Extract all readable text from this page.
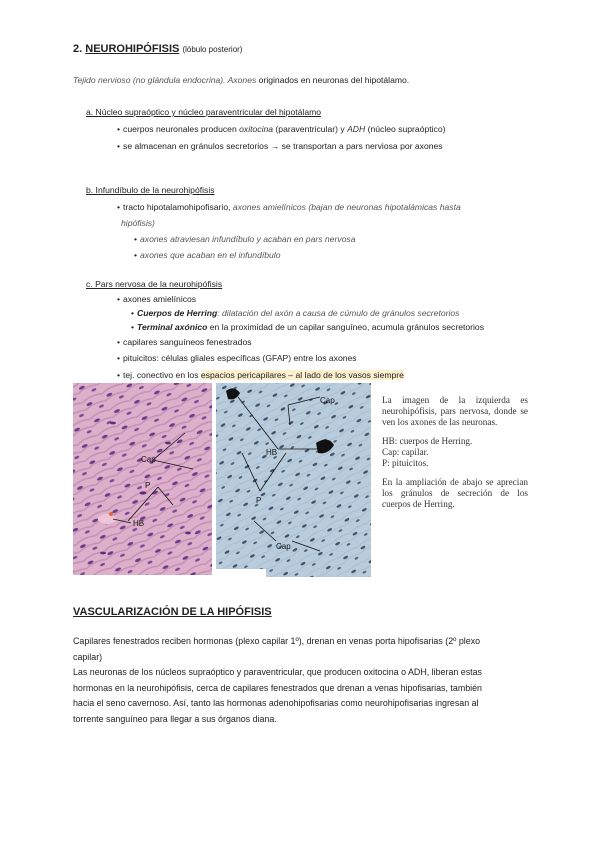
2. NEUROHIPÓFISIS (lóbulo posterior)
Tejido nervioso (no glándula endocrina). Axones originados en neuronas del hipotálamo.
a. Núcleo supraóptico y núcleo paraventricular del hipotálamo
• cuerpos neuronales producen oxitocina (paraventricular) y ADH (núcleo supraóptico)
• se almacenan en gránulos secretorios → se transportan a pars nerviosa por axones
b. Infundíbulo de la neurohipófisis
• tracto hipotalamohipofisario, axones amielínicos (bajan de neuronas hipotalámicas hasta
hipófisis)
• axones atraviesan infundíbulo y acaban en pars nervosa
• axones que acaban en el infundíbulo
c. Pars nervosa de la neurohipófisis
• axones amielínicos
• Cuerpos de Herring: dilatación del axón a causa de cúmulo de gránulos secretorios
• Terminal axónico en la proximidad de un capilar sanguíneo, acumula gránulos secretorios
• capilares sanguíneos fenestrados
• pituicitos: células gliales específicas (GFAP) entre los axones
• tej. conectivo en los espacios pericapilares – al lado de los vasos siempre
Cap
P
HB
Cap
HB
P
Cap

La imagen de la izquierda es neurohipófisis, pars nervosa, donde se ven los axones de las neuronas.

HB: cuerpos de Herring.

Cap: capilar.

P: pituicitos.

En la ampliación de abajo se aprecian los gránulos de secreción de los cuerpos de Herring.

VASCULARIZACIÓN DE LA HIPÓFISIS

Capilares fenestrados reciben hormonas (plexo capilar 1º), drenan en venas porta hipofisarias (2º plexo

capilar)

Las neuronas de los núcleos supraóptico y paraventricular, que producen oxitocina o ADH, liberan estas

hormonas en la neurohipófisis, cerca de capilares fenestrados que drenan a venas hipofisarias, también

hacia el seno cavernoso. Así, tanto las hormonas adenohipofisarias como neurohipofisarias ingresan al

torrente sanguíneo para llegar a sus órganos diana.
